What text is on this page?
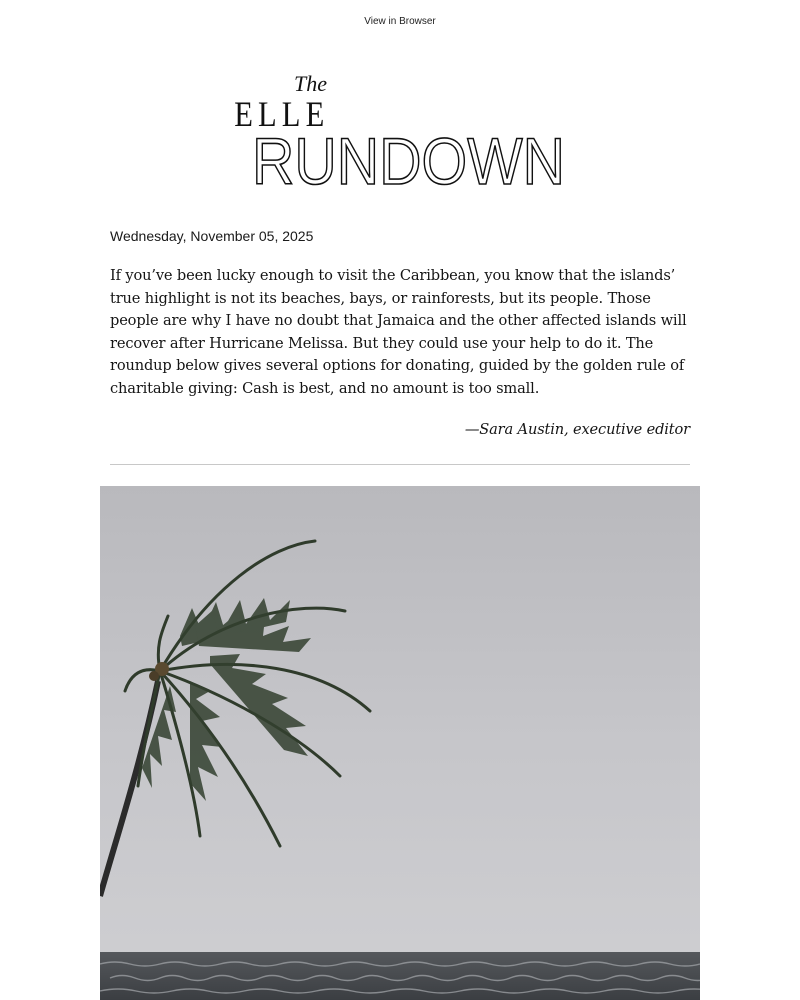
View in Browser
The
ELLE
RUNDOWN
Wednesday, November 05, 2025

If you’ve been lucky enough to visit the Caribbean, you know that the islands’ true highlight is not its beaches, bays, or rainforests, but its people. Those people are why I have no doubt that Jamaica and the other affected islands will recover after Hurricane Melissa. But they could use your help to do it. The roundup below gives several options for donating, guided by the golden rule of charitable giving: Cash is best, and no amount is too small.

—Sara Austin, executive editor
